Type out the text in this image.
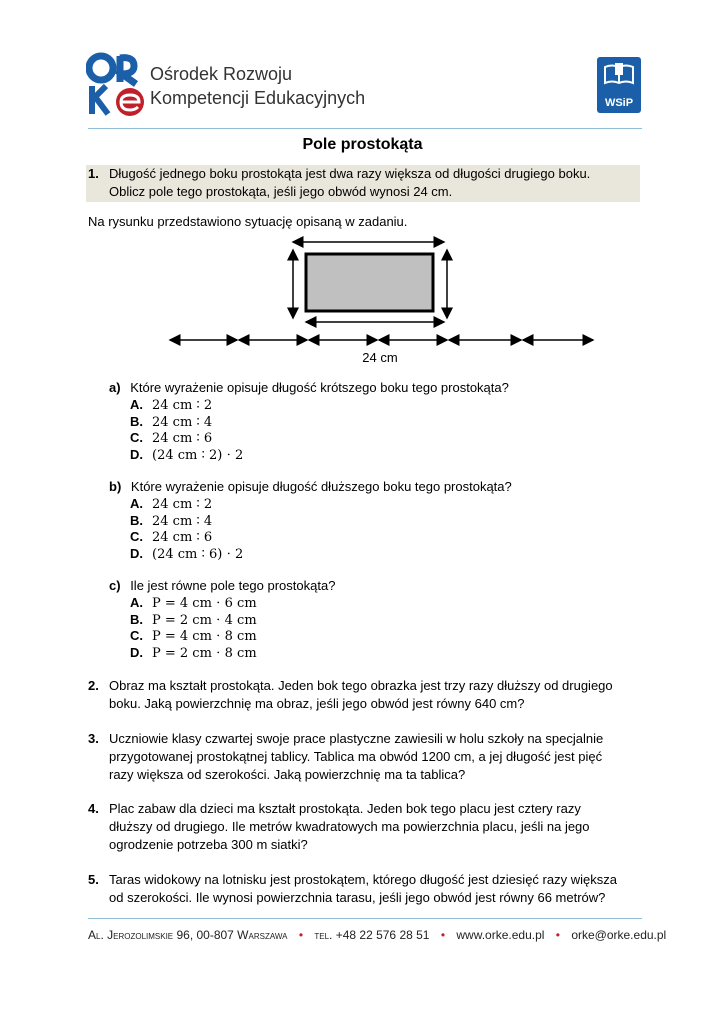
Ośrodek Rozwoju
Kompetencji Edukacyjnych	WSiP
Pole prostokąta
1. Długość jednego boku prostokąta jest dwa razy większa od długości drugiego boku.
Oblicz pole tego prostokąta, jeśli jego obwód wynosi 24 cm.
Na rysunku przedstawiono sytuację opisaną w zadaniu.
24 cm
a) Które wyrażenie opisuje długość krótszego boku tego prostokąta?
A. 24 cm ∶ 2
B. 24 cm ∶ 4
C. 24 cm ∶ 6
D. (24 cm ∶ 2) ⋅ 2
b) Które wyrażenie opisuje długość dłuższego boku tego prostokąta?
A. 24 cm ∶ 2
B. 24 cm ∶ 4
C. 24 cm ∶ 6
D. (24 cm ∶ 6) ⋅ 2
c) Ile jest równe pole tego prostokąta?
A. P = 4 cm ⋅ 6 cm
B. P = 2 cm ⋅ 4 cm
C. P = 4 cm ⋅ 8 cm
D. P = 2 cm ⋅ 8 cm
2. Obraz ma kształt prostokąta. Jeden bok tego obrazka jest trzy razy dłuższy od drugiego
boku. Jaką powierzchnię ma obraz, jeśli jego obwód jest równy 640 cm?
3. Uczniowie klasy czwartej swoje prace plastyczne zawiesili w holu szkoły na specjalnie
przygotowanej prostokątnej tablicy. Tablica ma obwód 1200 cm, a jej długość jest pięć
razy większa od szerokości. Jaką powierzchnię ma ta tablica?
4. Plac zabaw dla dzieci ma kształt prostokąta. Jeden bok tego placu jest cztery razy
dłuższy od drugiego. Ile metrów kwadratowych ma powierzchnia placu, jeśli na jego
ogrodzenie potrzeba 300 m siatki?
5. Taras widokowy na lotnisku jest prostokątem, którego długość jest dziesięć razy większa
od szerokości. Ile wynosi powierzchnia tarasu, jeśli jego obwód jest równy 66 metrów?
Al. Jerozolimskie 96, 00-807 Warszawa • tel. +48 22 576 28 51 • www.orke.edu.pl • orke@orke.edu.pl
